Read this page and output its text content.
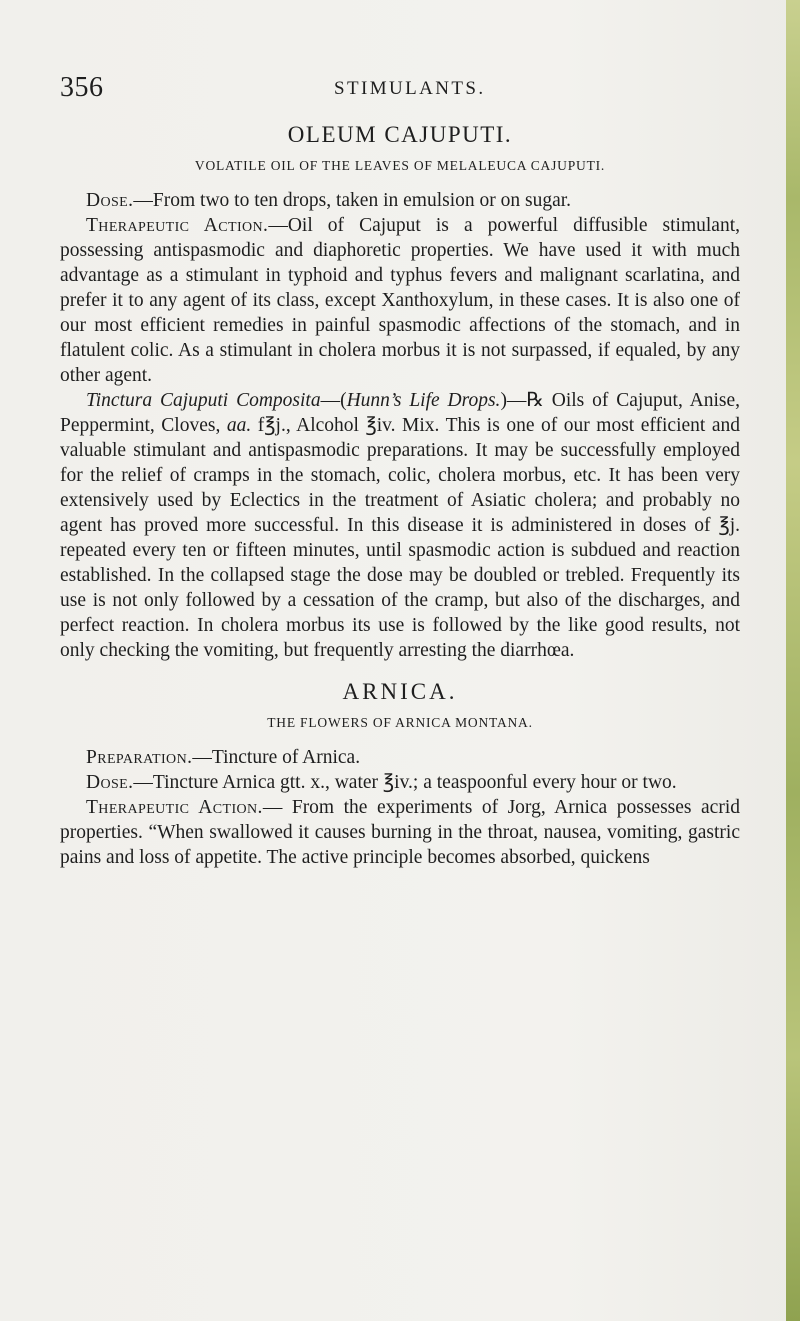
356	STIMULANTS.
OLEUM CAJUPUTI.
VOLATILE OIL OF THE LEAVES OF MELALEUCA CAJUPUTI.

Dose.—From two to ten drops, taken in emulsion or on sugar.

Therapeutic Action.—Oil of Cajuput is a powerful diffusible stimulant, possessing antispasmodic and diaphoretic properties. We have used it with much advantage as a stimulant in typhoid and typhus fevers and malignant scarlatina, and prefer it to any agent of its class, except Xanthoxylum, in these cases. It is also one of our most efficient remedies in painful spasmodic affections of the stomach, and in flatulent colic. As a stimulant in cholera morbus it is not surpassed, if equaled, by any other agent.

Tinctura Cajuputi Composita—(Hunn’s Life Drops.)—℞ Oils of Cajuput, Anise, Peppermint, Cloves, aa. f℥j., Alcohol ℥iv. Mix. This is one of our most efficient and valuable stimulant and antispasmodic preparations. It may be successfully employed for the relief of cramps in the stomach, colic, cholera morbus, etc. It has been very extensively used by Eclectics in the treatment of Asiatic cholera; and probably no agent has proved more successful. In this disease it is administered in doses of ℥j. repeated every ten or fifteen minutes, until spasmodic action is subdued and reaction established. In the collapsed stage the dose may be doubled or trebled. Frequently its use is not only followed by a cessation of the cramp, but also of the discharges, and perfect reaction. In cholera morbus its use is followed by the like good results, not only checking the vomiting, but frequently arresting the diarrhœa.

ARNICA.
THE FLOWERS OF ARNICA MONTANA.

Preparation.—Tincture of Arnica.

Dose.—Tincture Arnica gtt. x., water ℥iv.; a teaspoonful every hour or two.

Therapeutic Action.— From the experiments of Jorg, Arnica possesses acrid properties. “When swallowed it causes burning in the throat, nausea, vomiting, gastric pains and loss of appetite. The active principle becomes absorbed, quickens
